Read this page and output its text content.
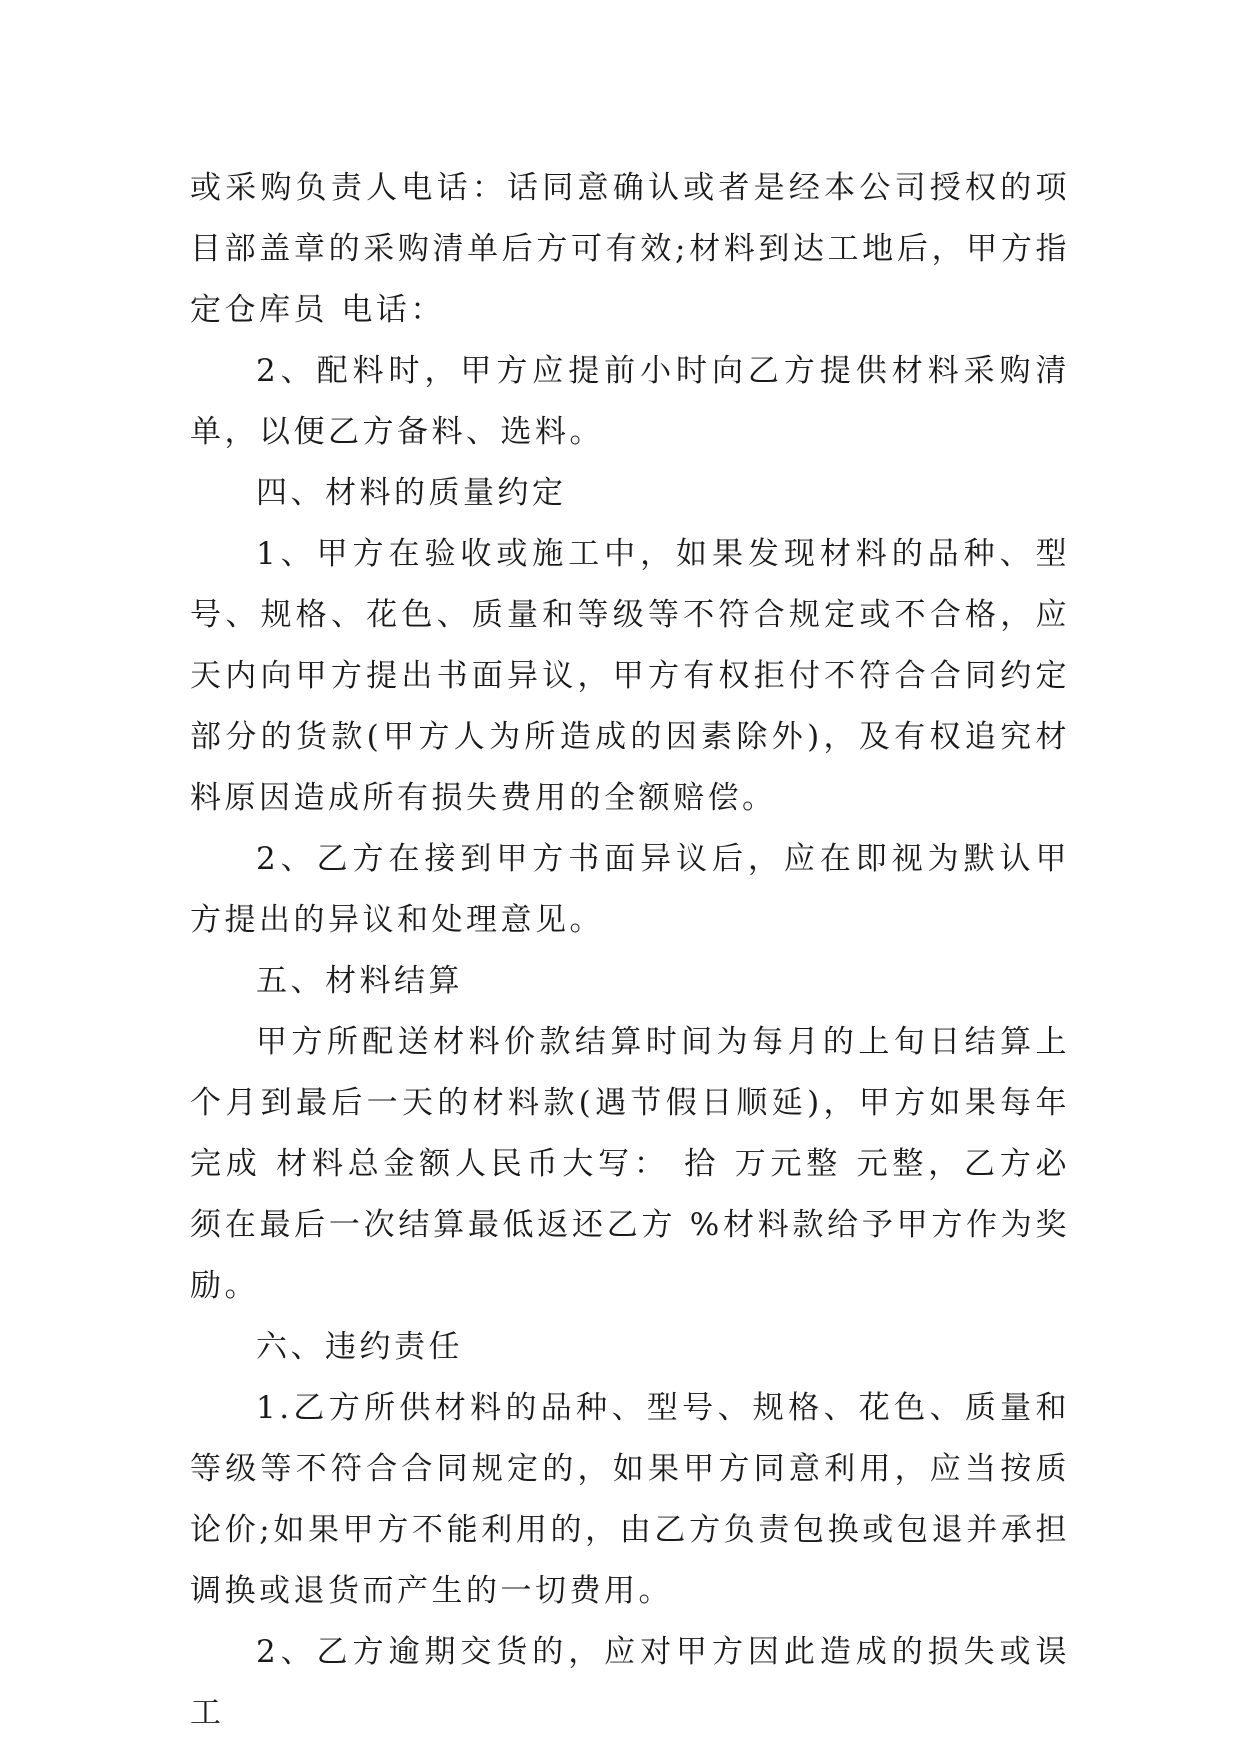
或采购负责人电话：话同意确认或者是经本公司授权的项目部盖章的采购清单后方可有效;材料到达工地后，甲方指定仓库员 电话：

2、配料时，甲方应提前小时向乙方提供材料采购清单，以便乙方备料、选料。

四、材料的质量约定

1、甲方在验收或施工中，如果发现材料的品种、型号、规格、花色、质量和等级等不符合规定或不合格，应 天内向甲方提出书面异议，甲方有权拒付不符合合同约定部分的货款(甲方人为所造成的因素除外)，及有权追究材料原因造成所有损失费用的全额赔偿。

2、乙方在接到甲方书面异议后，应在即视为默认甲方提出的异议和处理意见。

五、材料结算

甲方所配送材料价款结算时间为每月的上旬日结算上个月到最后一天的材料款(遇节假日顺延)，甲方如果每年完成 材料总金额人民币大写： 拾 万元整 元整，乙方必须在最后一次结算最低返还乙方 %材料款给予甲方作为奖励。

六、违约责任

1.乙方所供材料的品种、型号、规格、花色、质量和等级等不符合合同规定的，如果甲方同意利用，应当按质论价;如果甲方不能利用的，由乙方负责包换或包退并承担调换或退货而产生的一切费用。

2、乙方逾期交货的，应对甲方因此造成的损失或误工
